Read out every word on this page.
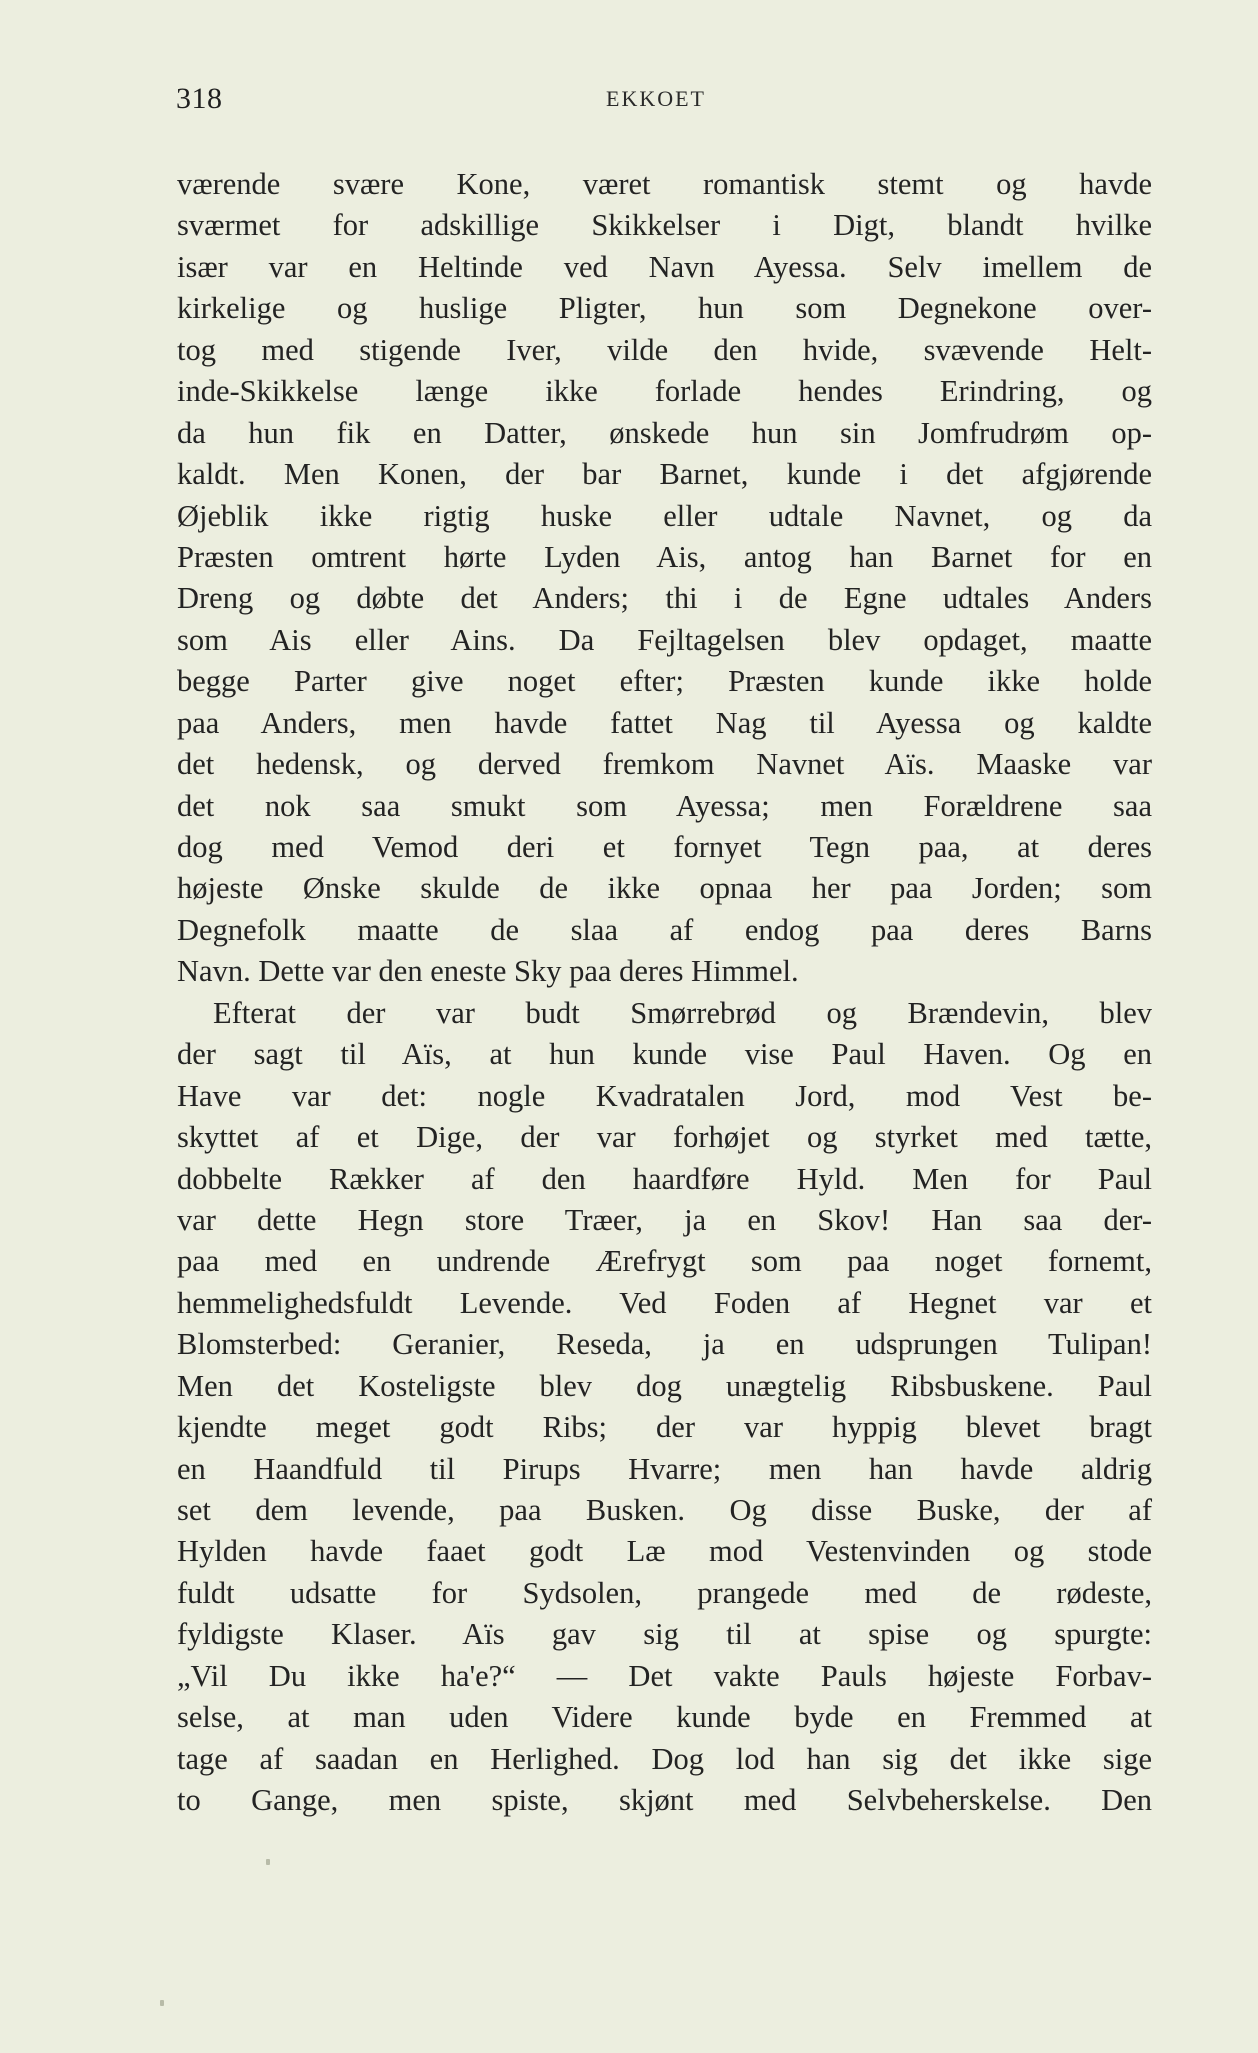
318	EKKOET
værende svære Kone, været romantisk stemt og havde
sværmet for adskillige Skikkelser i Digt, blandt hvilke
især var en Heltinde ved Navn Ayessa. Selv imellem de
kirkelige og huslige Pligter, hun som Degnekone over-
tog med stigende Iver, vilde den hvide, svævende Helt-
inde-Skikkelse længe ikke forlade hendes Erindring, og
da hun fik en Datter, ønskede hun sin Jomfrudrøm op-
kaldt. Men Konen, der bar Barnet, kunde i det afgjørende
Øjeblik ikke rigtig huske eller udtale Navnet, og da
Præsten omtrent hørte Lyden Ais, antog han Barnet for en
Dreng og døbte det Anders; thi i de Egne udtales Anders
som Ais eller Ains. Da Fejltagelsen blev opdaget, maatte
begge Parter give noget efter; Præsten kunde ikke holde
paa Anders, men havde fattet Nag til Ayessa og kaldte
det hedensk, og derved fremkom Navnet Aïs. Maaske var
det nok saa smukt som Ayessa; men Forældrene saa
dog med Vemod deri et fornyet Tegn paa, at deres
højeste Ønske skulde de ikke opnaa her paa Jorden; som
Degnefolk maatte de slaa af endog paa deres Barns
Navn. Dette var den eneste Sky paa deres Himmel.
Efterat der var budt Smørrebrød og Brændevin, blev
der sagt til Aïs, at hun kunde vise Paul Haven. Og en
Have var det: nogle Kvadratalen Jord, mod Vest be-
skyttet af et Dige, der var forhøjet og styrket med tætte,
dobbelte Rækker af den haardføre Hyld. Men for Paul
var dette Hegn store Træer, ja en Skov! Han saa der-
paa med en undrende Ærefrygt som paa noget fornemt,
hemmelighedsfuldt Levende. Ved Foden af Hegnet var et
Blomsterbed: Geranier, Reseda, ja en udsprungen Tulipan!
Men det Kosteligste blev dog unægtelig Ribsbuskene. Paul
kjendte meget godt Ribs; der var hyppig blevet bragt
en Haandfuld til Pirups Hvarre; men han havde aldrig
set dem levende, paa Busken. Og disse Buske, der af
Hylden havde faaet godt Læ mod Vestenvinden og stode
fuldt udsatte for Sydsolen, prangede med de rødeste,
fyldigste Klaser. Aïs gav sig til at spise og spurgte:
„Vil Du ikke ha'e?“ — Det vakte Pauls højeste Forbav-
selse, at man uden Videre kunde byde en Fremmed at
tage af saadan en Herlighed. Dog lod han sig det ikke sige
to Gange, men spiste, skjønt med Selvbeherskelse. Den
